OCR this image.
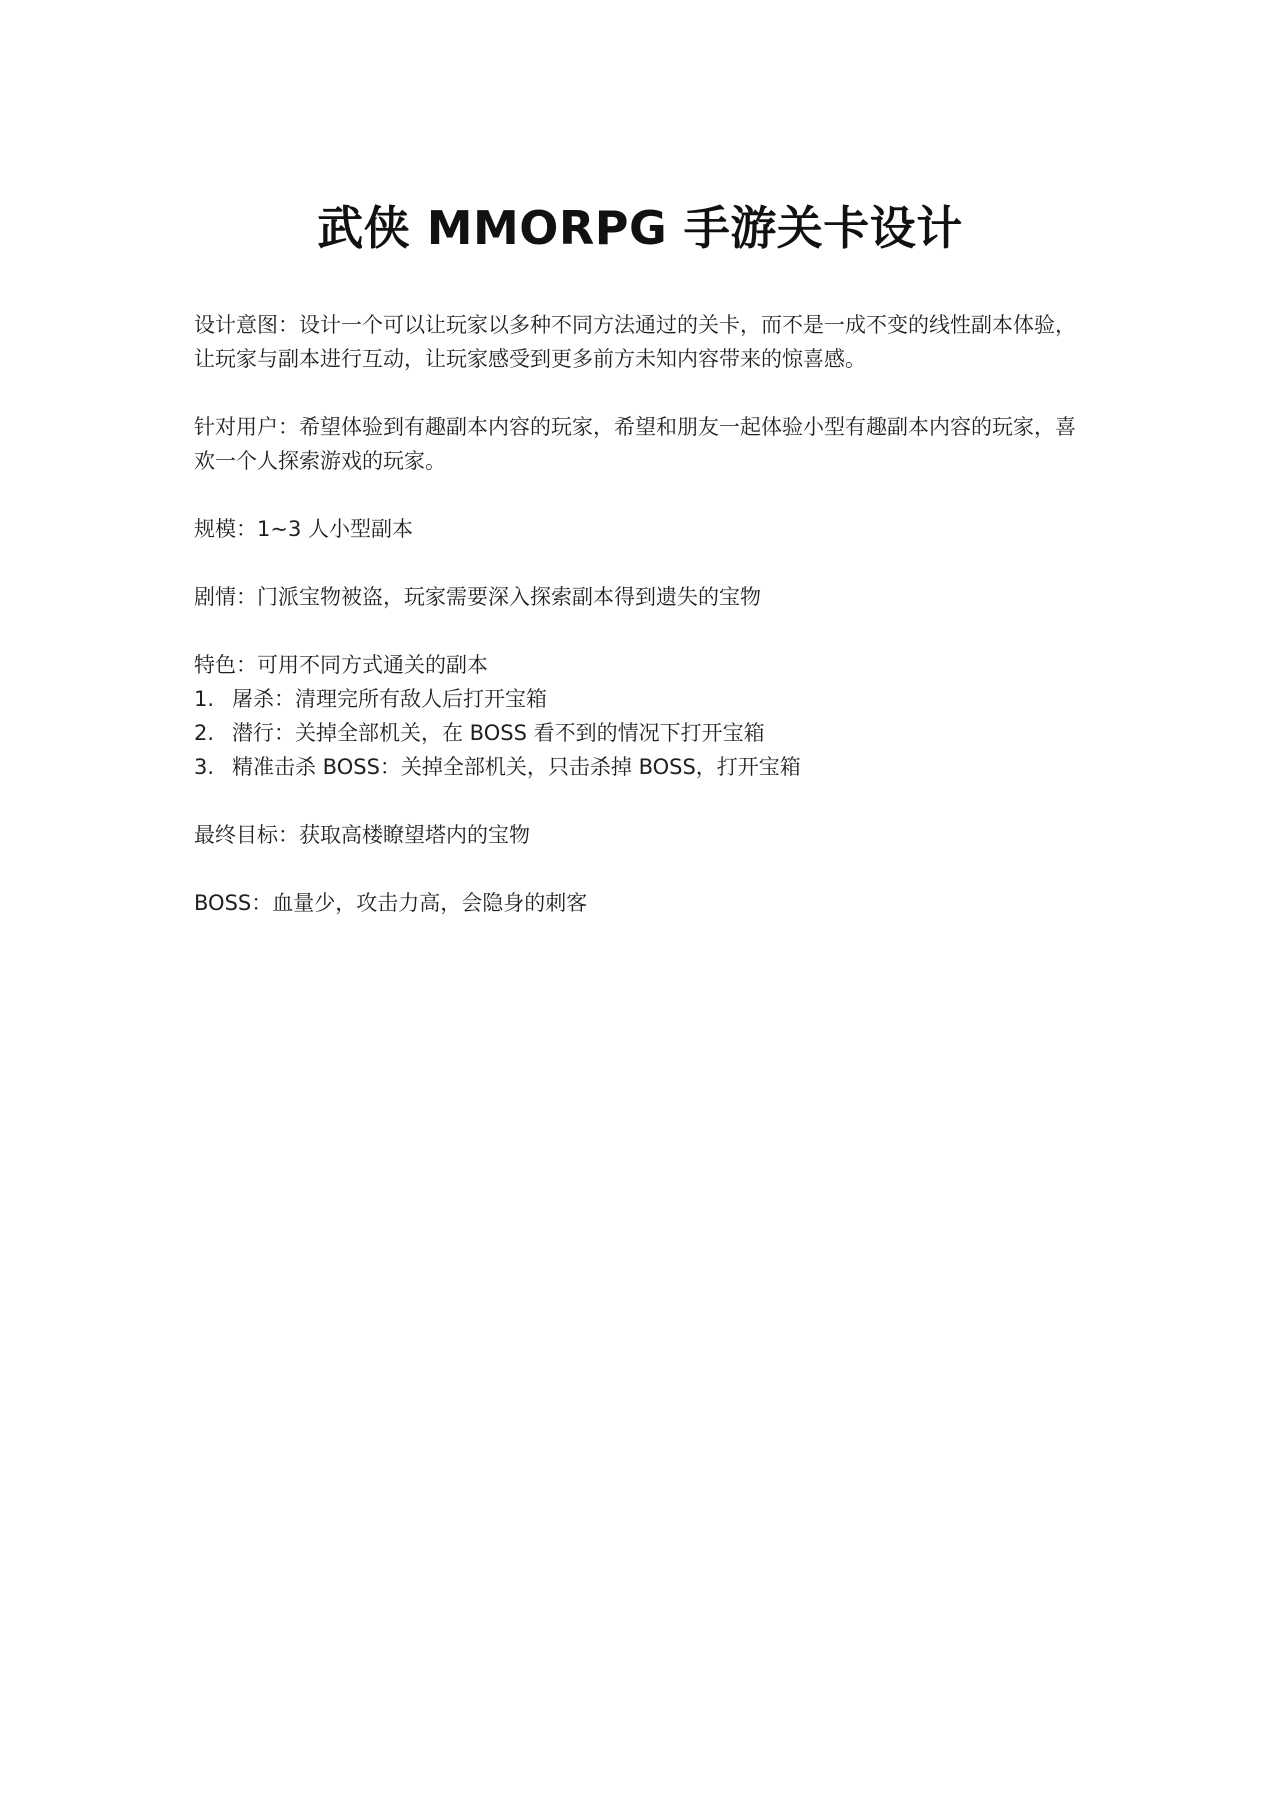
武侠 MMORPG 手游关卡设计

设计意图：设计一个可以让玩家以多种不同方法通过的关卡，而不是一成不变的线性副本体验，让玩家与副本进行互动，让玩家感受到更多前方未知内容带来的惊喜感。

针对用户：希望体验到有趣副本内容的玩家，希望和朋友一起体验小型有趣副本内容的玩家，喜欢一个人探索游戏的玩家。

规模：1~3 人小型副本

剧情：门派宝物被盗，玩家需要深入探索副本得到遗失的宝物

特色：可用不同方式通关的副本
1. 屠杀：清理完所有敌人后打开宝箱
2. 潜行：关掉全部机关，在 BOSS 看不到的情况下打开宝箱
3. 精准击杀 BOSS：关掉全部机关，只击杀掉 BOSS，打开宝箱

最终目标：获取高楼瞭望塔内的宝物

BOSS：血量少，攻击力高，会隐身的刺客
